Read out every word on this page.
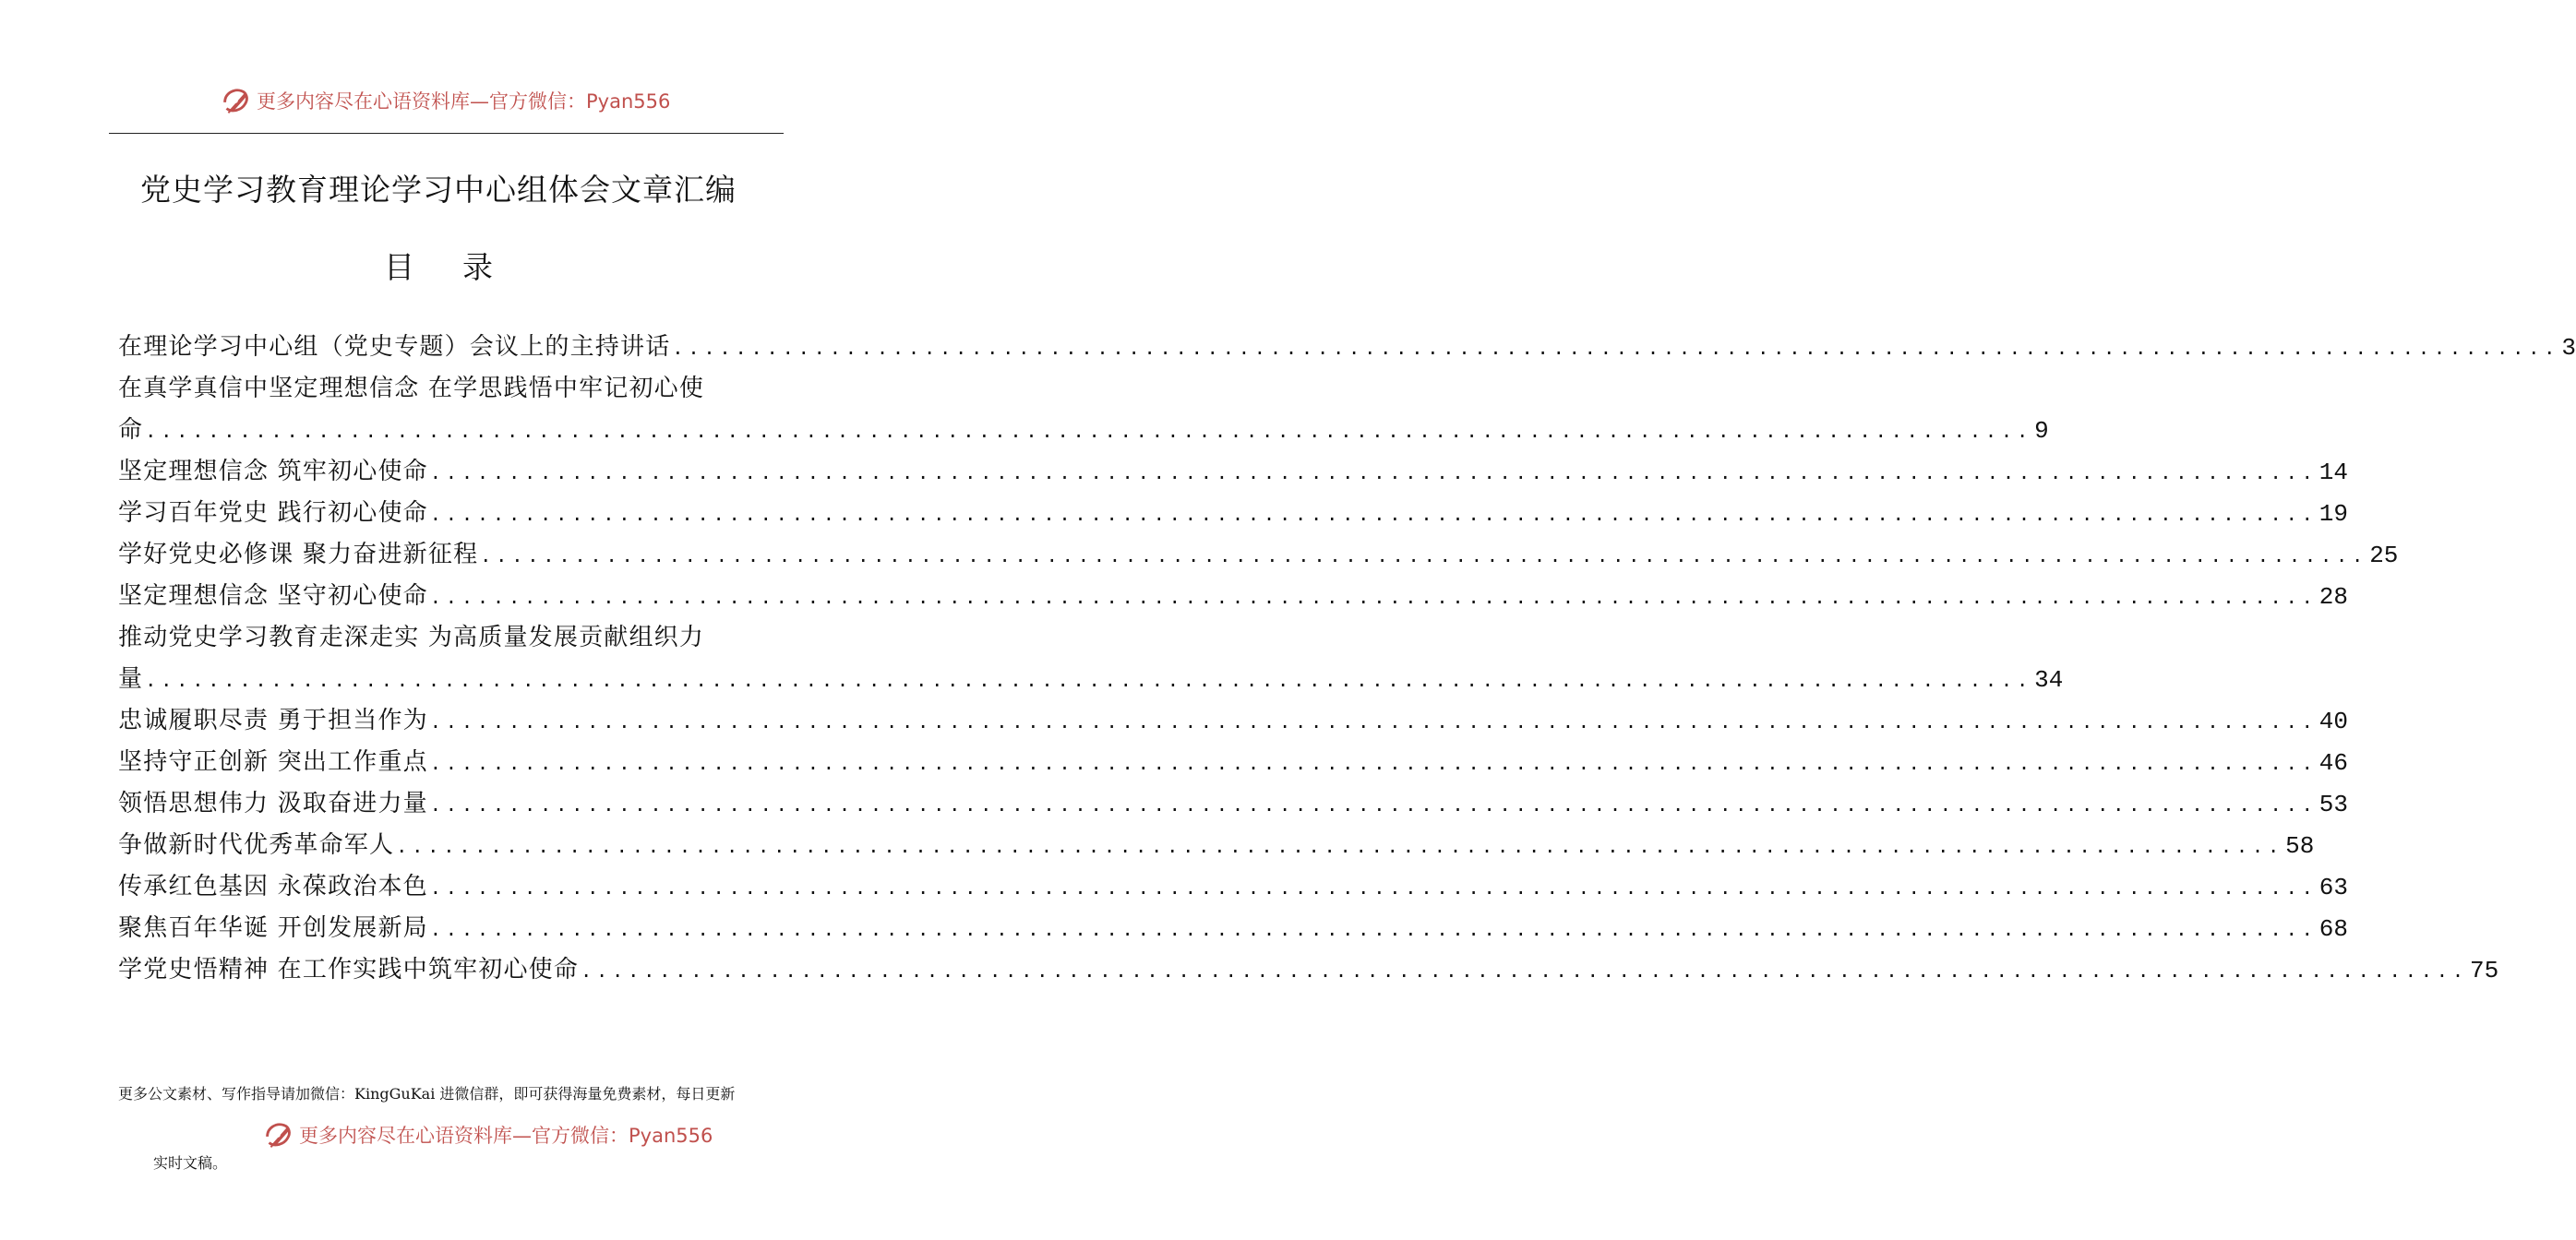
更多内容尽在心语资料库—官方微信：Pyan556
党史学习教育理论学习中心组体会文章汇编
目 录
在理论学习中心组（党史专题）会议上的主持讲话 ........................................................................................................................ 3
在真学真信中坚定理想信念 在学思践悟中牢记初心使
命 ........................................................................................................................ 9
坚定理想信念 筑牢初心使命 ........................................................................................................................ 14
学习百年党史 践行初心使命 ........................................................................................................................ 19
学好党史必修课 聚力奋进新征程 ........................................................................................................................ 25
坚定理想信念 坚守初心使命 ........................................................................................................................ 28
推动党史学习教育走深走实 为高质量发展贡献组织力
量 ........................................................................................................................ 34
忠诚履职尽责 勇于担当作为 ........................................................................................................................ 40
坚持守正创新 突出工作重点 ........................................................................................................................ 46
领悟思想伟力 汲取奋进力量 ........................................................................................................................ 53
争做新时代优秀革命军人 ........................................................................................................................ 58
传承红色基因 永葆政治本色 ........................................................................................................................ 63
聚焦百年华诞 开创发展新局 ........................................................................................................................ 68
学党史悟精神 在工作实践中筑牢初心使命 ........................................................................................................................ 75
更多公文素材、写作指导请加微信：KingGuKai 进微信群，即可获得海量免费素材，每日更新
更多内容尽在心语资料库—官方微信：Pyan556
实时文稿。
